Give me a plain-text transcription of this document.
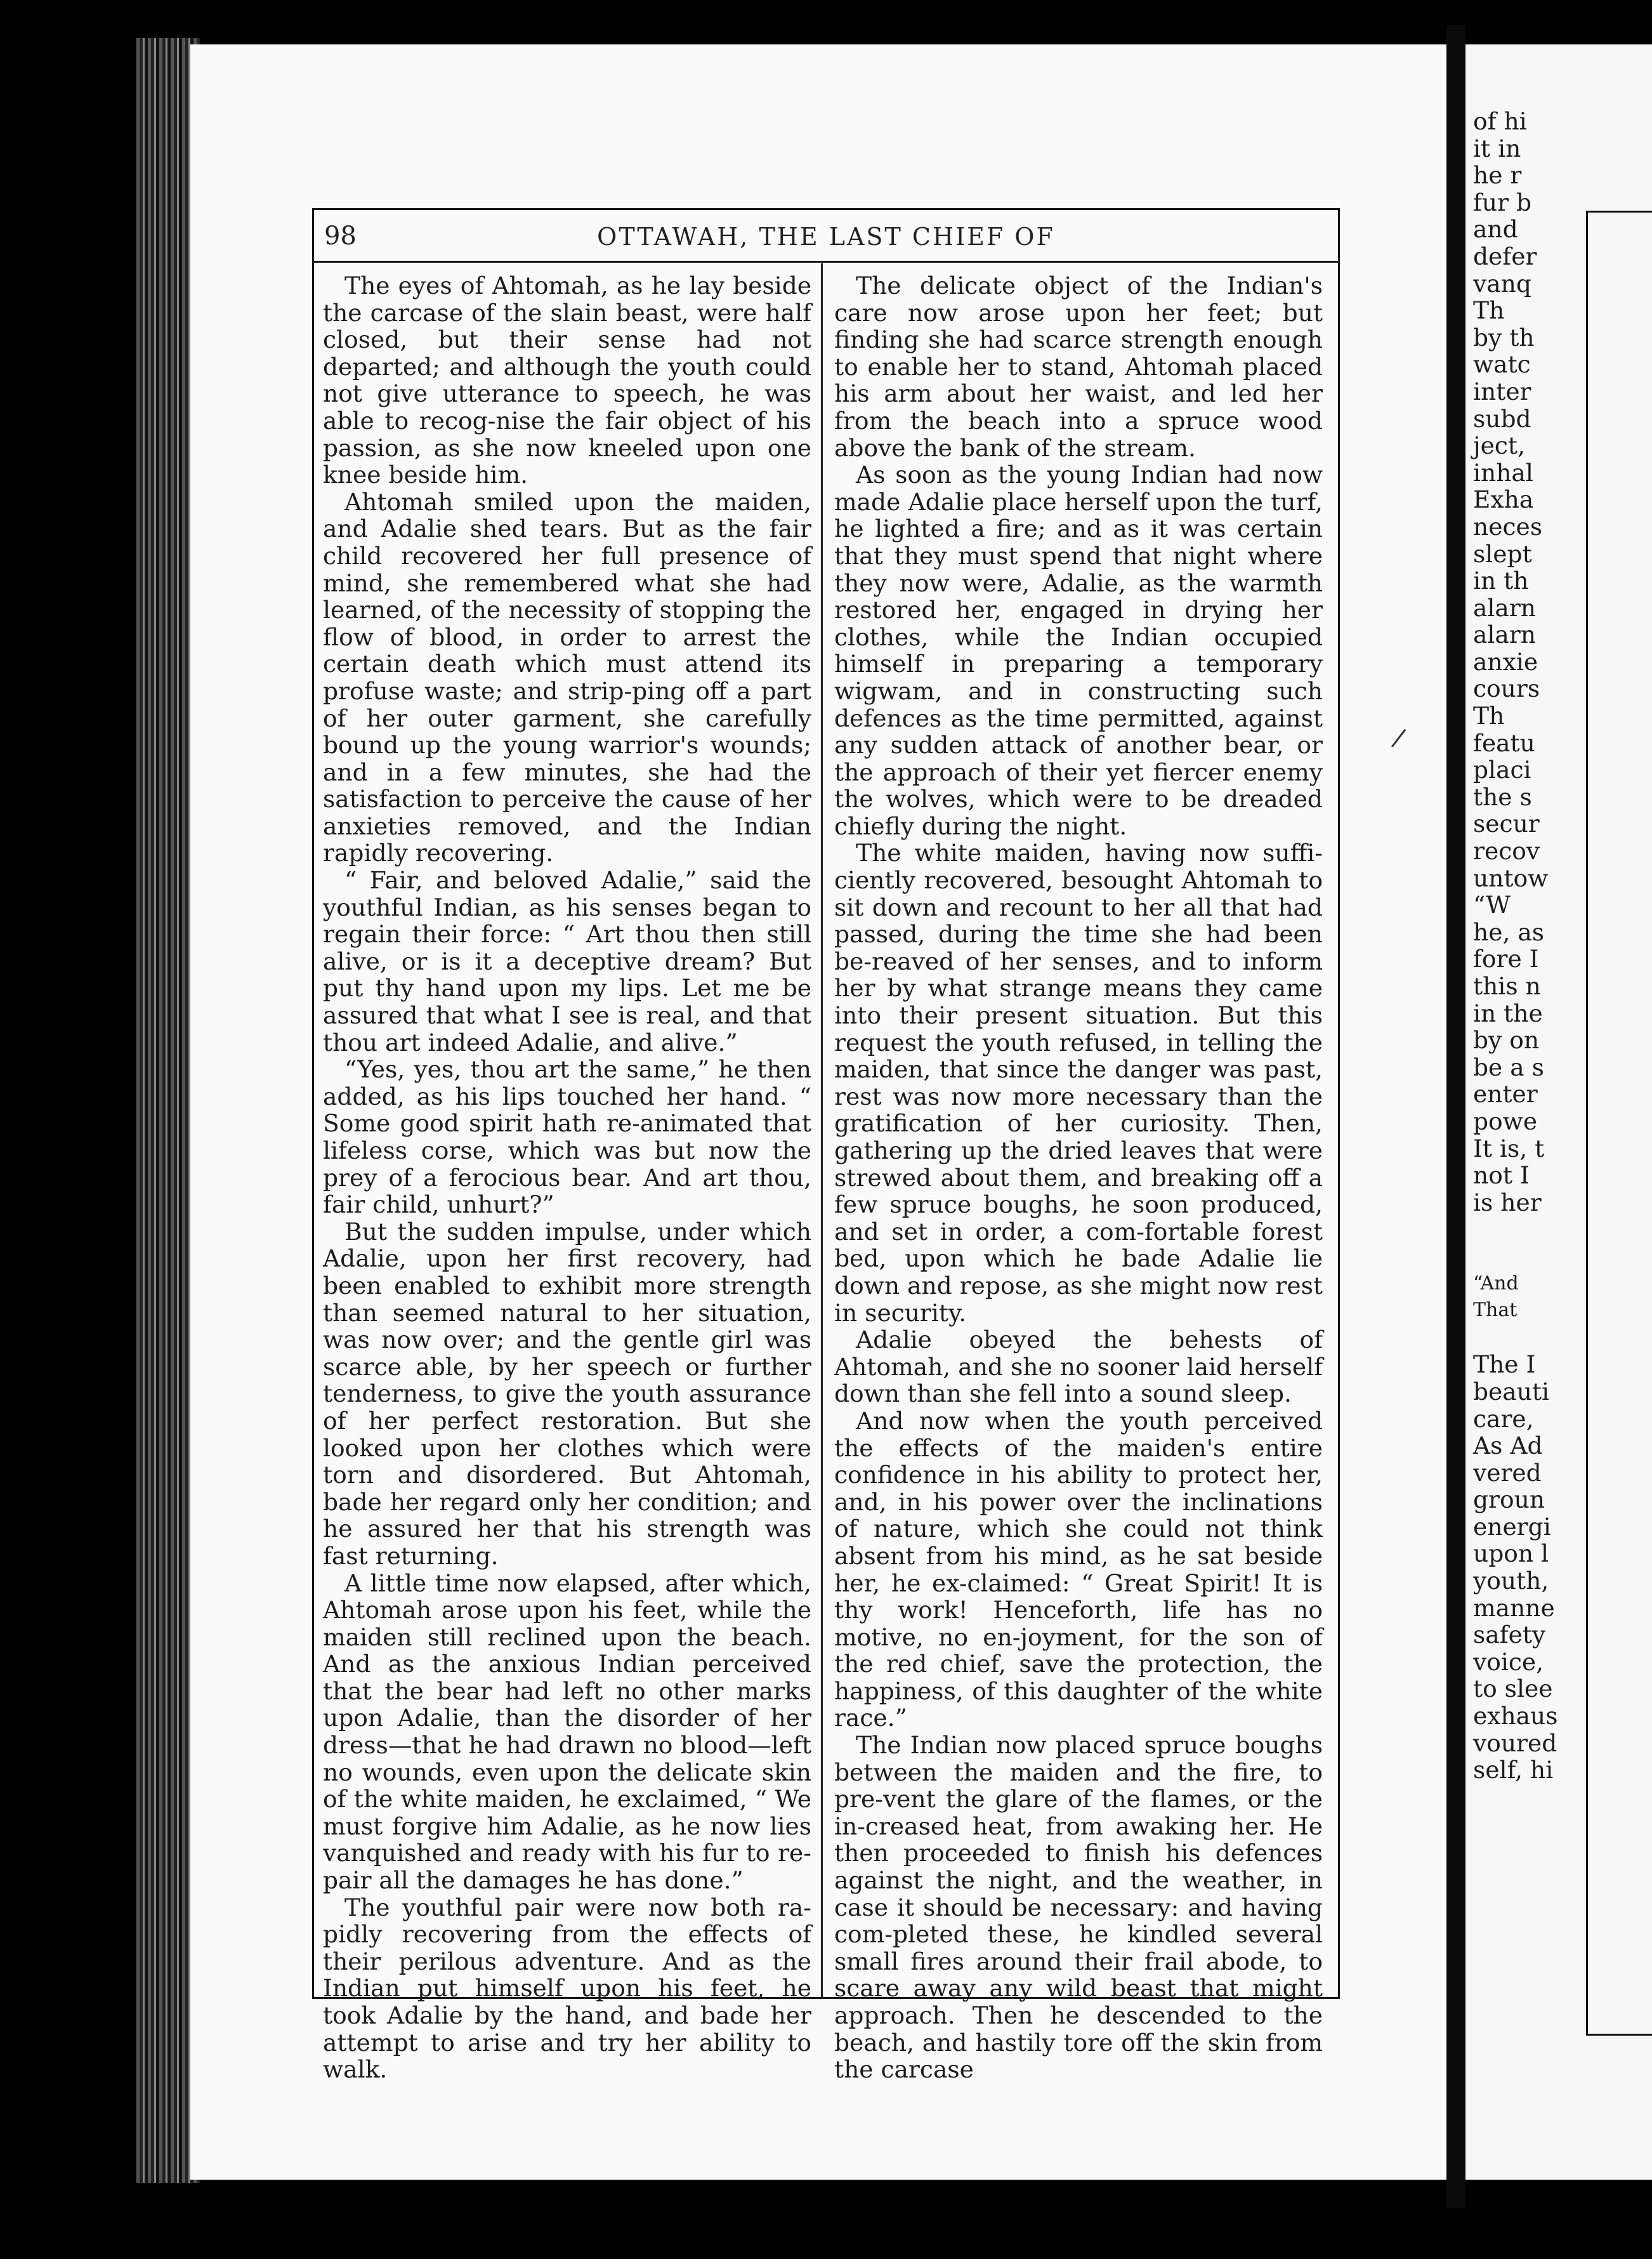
98	OTTAWAH, THE LAST CHIEF OF

The eyes of Ahtomah, as he lay beside the carcase of the slain beast, were half closed, but their sense had not departed; and although the youth could not give utterance to speech, he was able to recog-nise the fair object of his passion, as she now kneeled upon one knee beside him.

Ahtomah smiled upon the maiden, and Adalie shed tears. But as the fair child recovered her full presence of mind, she remembered what she had learned, of the necessity of stopping the flow of blood, in order to arrest the certain death which must attend its profuse waste; and strip-ping off a part of her outer garment, she carefully bound up the young warrior's wounds; and in a few minutes, she had the satisfaction to perceive the cause of her anxieties removed, and the Indian rapidly recovering.

“ Fair, and beloved Adalie,” said the youthful Indian, as his senses began to regain their force: “ Art thou then still alive, or is it a deceptive dream? But put thy hand upon my lips. Let me be assured that what I see is real, and that thou art indeed Adalie, and alive.”

“Yes, yes, thou art the same,” he then added, as his lips touched her hand. “ Some good spirit hath re-animated that lifeless corse, which was but now the prey of a ferocious bear. And art thou, fair child, unhurt?”

But the sudden impulse, under which Adalie, upon her first recovery, had been enabled to exhibit more strength than seemed natural to her situation, was now over; and the gentle girl was scarce able, by her speech or further tenderness, to give the youth assurance of her perfect restoration. But she looked upon her clothes which were torn and disordered. But Ahtomah, bade her regard only her condition; and he assured her that his strength was fast returning.

A little time now elapsed, after which, Ahtomah arose upon his feet, while the maiden still reclined upon the beach. And as the anxious Indian perceived that the bear had left no other marks upon Adalie, than the disorder of her dress—that he had drawn no blood—left no wounds, even upon the delicate skin of the white maiden, he exclaimed, “ We must forgive him Adalie, as he now lies vanquished and ready with his fur to re-pair all the damages he has done.”

The youthful pair were now both ra-pidly recovering from the effects of their perilous adventure. And as the Indian put himself upon his feet, he took Adalie by the hand, and bade her attempt to arise and try her ability to walk.

The delicate object of the Indian's care now arose upon her feet; but finding she had scarce strength enough to enable her to stand, Ahtomah placed his arm about her waist, and led her from the beach into a spruce wood above the bank of the stream.

As soon as the young Indian had now made Adalie place herself upon the turf, he lighted a fire; and as it was certain that they must spend that night where they now were, Adalie, as the warmth restored her, engaged in drying her clothes, while the Indian occupied himself in preparing a temporary wigwam, and in constructing such defences as the time permitted, against any sudden attack of another bear, or the approach of their yet fiercer enemy the wolves, which were to be dreaded chiefly during the night.

The white maiden, having now suffi-ciently recovered, besought Ahtomah to sit down and recount to her all that had passed, during the time she had been be-reaved of her senses, and to inform her by what strange means they came into their present situation. But this request the youth refused, in telling the maiden, that since the danger was past, rest was now more necessary than the gratification of her curiosity. Then, gathering up the dried leaves that were strewed about them, and breaking off a few spruce boughs, he soon produced, and set in order, a com-fortable forest bed, upon which he bade Adalie lie down and repose, as she might now rest in security.

Adalie obeyed the behests of Ahtomah, and she no sooner laid herself down than she fell into a sound sleep.

And now when the youth perceived the effects of the maiden's entire confidence in his ability to protect her, and, in his power over the inclinations of nature, which she could not think absent from his mind, as he sat beside her, he ex-claimed: “ Great Spirit! It is thy work! Henceforth, life has no motive, no en-joyment, for the son of the red chief, save the protection, the happiness, of this daughter of the white race.”

The Indian now placed spruce boughs between the maiden and the fire, to pre-vent the glare of the flames, or the in-creased heat, from awaking her. He then proceeded to finish his defences against the night, and the weather, in case it should be necessary: and having com-pleted these, he kindled several small fires around their frail abode, to scare away any wild beast that might approach. Then he descended to the beach, and hastily tore off the skin from the carcase

/
of hi
it in
he r
fur b
and
defer
vanq
Th
by th
watc
inter
subd
ject,
inhal
Exha
neces
slept
in th
alarn
alarn
anxie
cours
Th
featu
placi
the s
secur
recov
untow
“W
he, as
fore I
this n
in the
by on
be a s
enter
powe
It is, t
not I
is her
“And
That
The I
beauti
care,
As Ad
vered
groun
energi
upon l
youth,
manne
safety
voice,
to slee
exhaus
voured
self, hi
